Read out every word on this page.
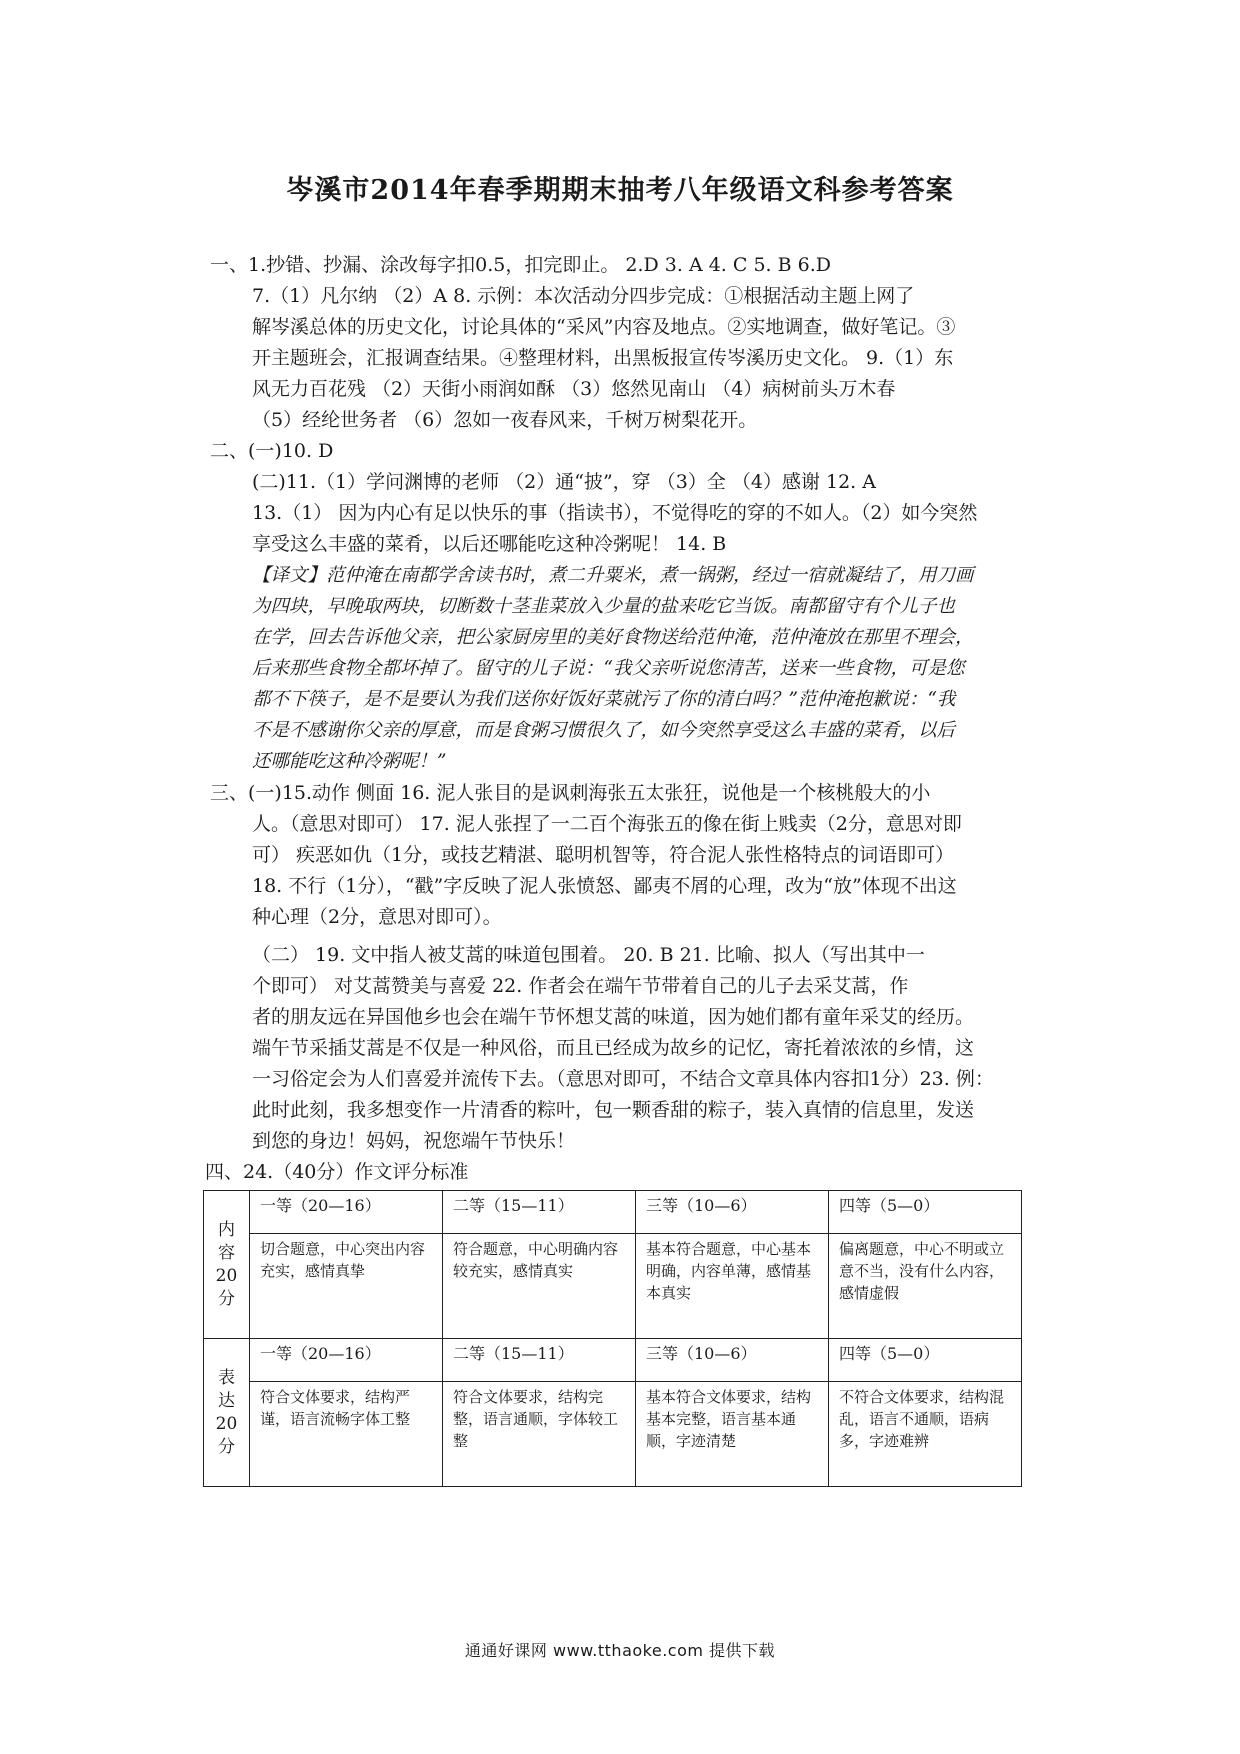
岑溪市2014年春季期期末抽考八年级语文科参考答案
一、1.抄错、抄漏、涂改每字扣0.5，扣完即止。 2.D 3. A 4. C 5. B 6.D
7.（1）凡尔纳 （2）A 8. 示例：本次活动分四步完成：①根据活动主题上网了
解岑溪总体的历史文化，讨论具体的“采风”内容及地点。②实地调查，做好笔记。③
开主题班会，汇报调查结果。④整理材料，出黑板报宣传岑溪历史文化。 9.（1）东
风无力百花残 （2）天街小雨润如酥 （3）悠然见南山 （4）病树前头万木春
（5）经纶世务者 （6）忽如一夜春风来，千树万树梨花开。
二、(一)10. D
(二)11.（1）学问渊博的老师 （2）通“披”，穿 （3）全 （4）感谢 12. A
13.（1） 因为内心有足以快乐的事（指读书），不觉得吃的穿的不如人。（2）如今突然
享受这么丰盛的菜肴，以后还哪能吃这种冷粥呢！ 14. B
【译文】范仲淹在南都学舍读书时，煮二升粟米，煮一锅粥，经过一宿就凝结了，用刀画
为四块，早晚取两块，切断数十茎韭菜放入少量的盐来吃它当饭。南都留守有个儿子也
在学，回去告诉他父亲，把公家厨房里的美好食物送给范仲淹，范仲淹放在那里不理会，
后来那些食物全都坏掉了。留守的儿子说：“我父亲听说您清苦，送来一些食物，可是您
都不下筷子，是不是要认为我们送你好饭好菜就污了你的清白吗？”范仲淹抱歉说：“我
不是不感谢你父亲的厚意，而是食粥习惯很久了，如今突然享受这么丰盛的菜肴，以后
还哪能吃这种冷粥呢！”
三、(一)15.动作 侧面 16. 泥人张目的是讽刺海张五太张狂，说他是一个核桃般大的小
人。（意思对即可） 17. 泥人张捏了一二百个海张五的像在街上贱卖（2分，意思对即
可） 疾恶如仇（1分，或技艺精湛、聪明机智等，符合泥人张性格特点的词语即可）
18. 不行（1分），“戳”字反映了泥人张愤怒、鄙夷不屑的心理，改为“放”体现不出这
种心理（2分，意思对即可）。
（二） 19. 文中指人被艾蒿的味道包围着。 20. B 21. 比喻、拟人（写出其中一
个即可） 对艾蒿赞美与喜爱 22. 作者会在端午节带着自己的儿子去采艾蒿，作
者的朋友远在异国他乡也会在端午节怀想艾蒿的味道，因为她们都有童年采艾的经历。
端午节采插艾蒿是不仅是一种风俗，而且已经成为故乡的记忆，寄托着浓浓的乡情，这
一习俗定会为人们喜爱并流传下去。（意思对即可，不结合文章具体内容扣1分）23. 例：
此时此刻，我多想变作一片清香的粽叶，包一颗香甜的粽子，装入真情的信息里，发送
到您的身边！妈妈，祝您端午节快乐！
四、24.（40分）作文评分标准
内容20分	一等（20—16）	二等（15—11）	三等（10—6）	四等（5—0）
	切合题意，中心突出内容充实，感情真挚	符合题意，中心明确内容较充实，感情真实	基本符合题意，中心基本明确，内容单薄，感情基本真实	偏离题意，中心不明或立意不当，没有什么内容，感情虚假
表达20分	一等（20—16）	二等（15—11）	三等（10—6）	四等（5—0）
	符合文体要求，结构严谨，语言流畅字体工整	符合文体要求，结构完整，语言通顺，字体较工整	基本符合文体要求，结构基本完整，语言基本通顺，字迹清楚	不符合文体要求，结构混乱，语言不通顺，语病多，字迹难辨
通通好课网 www.tthaoke.com 提供下载
